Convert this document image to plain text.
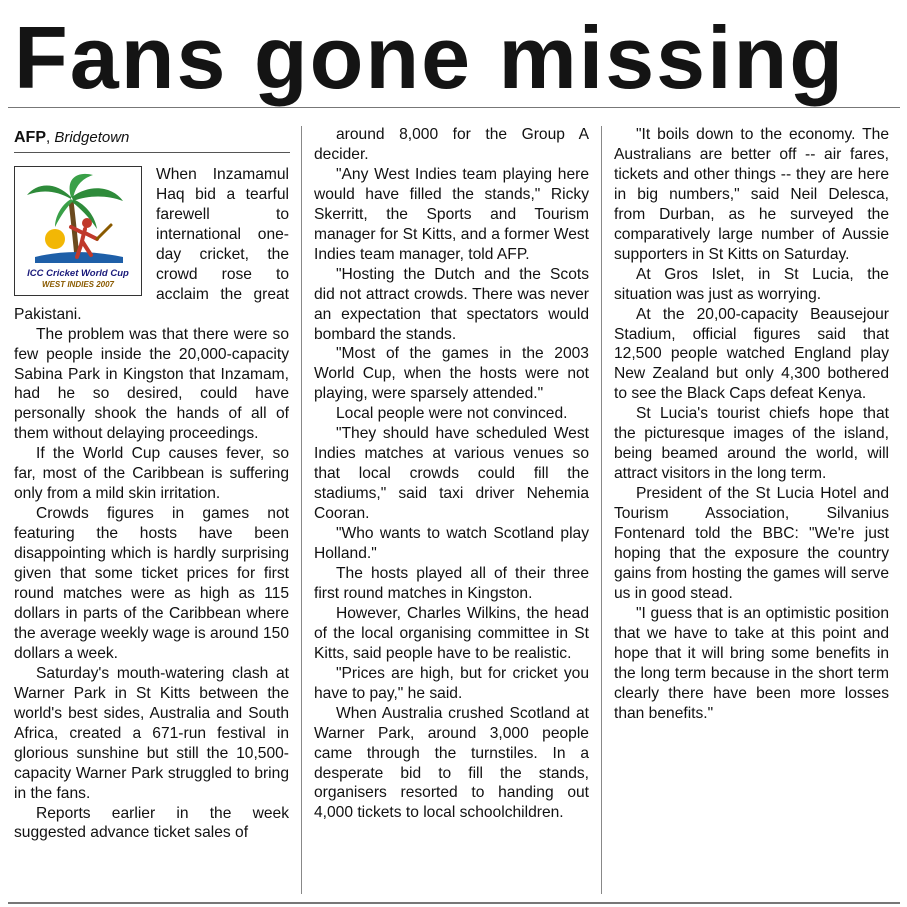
Fans gone missing
AFP, Bridgetown
ICC Cricket World Cup
WEST INDIES 2007

When Inzamamul Haq bid a tearful farewell to international one-day cricket, the crowd rose to acclaim the great Pakistani.

The problem was that there were so few people inside the 20,000-capacity Sabina Park in Kingston that Inzamam, had he so desired, could have personally shook the hands of all of them without delaying proceedings.

If the World Cup causes fever, so far, most of the Caribbean is suffering only from a mild skin irritation.

Crowds figures in games not featuring the hosts have been disappointing which is hardly surprising given that some ticket prices for first round matches were as high as 115 dollars in parts of the Caribbean where the average weekly wage is around 150 dollars a week.

Saturday's mouth-watering clash at Warner Park in St Kitts between the world's best sides, Australia and South Africa, created a 671-run festival in glorious sunshine but still the 10,500-capacity Warner Park struggled to bring in the fans.

Reports earlier in the week suggested advance ticket sales of

around 8,000 for the Group A decider.

"Any West Indies team playing here would have filled the stands," Ricky Skerritt, the Sports and Tourism manager for St Kitts, and a former West Indies team manager, told AFP.

"Hosting the Dutch and the Scots did not attract crowds. There was never an expectation that spectators would bombard the stands.

"Most of the games in the 2003 World Cup, when the hosts were not playing, were sparsely attended."

Local people were not convinced.

"They should have scheduled West Indies matches at various venues so that local crowds could fill the stadiums," said taxi driver Nehemia Cooran.

"Who wants to watch Scotland play Holland."

The hosts played all of their three first round matches in Kingston.

However, Charles Wilkins, the head of the local organising committee in St Kitts, said people have to be realistic.

"Prices are high, but for cricket you have to pay," he said.

When Australia crushed Scotland at Warner Park, around 3,000 people came through the turnstiles. In a desperate bid to fill the stands, organisers resorted to handing out 4,000 tickets to local schoolchildren.

"It boils down to the economy. The Australians are better off -- air fares, tickets and other things -- they are here in big numbers," said Neil Delesca, from Durban, as he surveyed the comparatively large number of Aussie supporters in St Kitts on Saturday.

At Gros Islet, in St Lucia, the situation was just as worrying.

At the 20,00-capacity Beausejour Stadium, official figures said that 12,500 people watched England play New Zealand but only 4,300 bothered to see the Black Caps defeat Kenya.

St Lucia's tourist chiefs hope that the picturesque images of the island, being beamed around the world, will attract visitors in the long term.

President of the St Lucia Hotel and Tourism Association, Silvanius Fontenard told the BBC: "We're just hoping that the exposure the country gains from hosting the games will serve us in good stead.

"I guess that is an optimistic position that we have to take at this point and hope that it will bring some benefits in the long term because in the short term clearly there have been more losses than benefits."
